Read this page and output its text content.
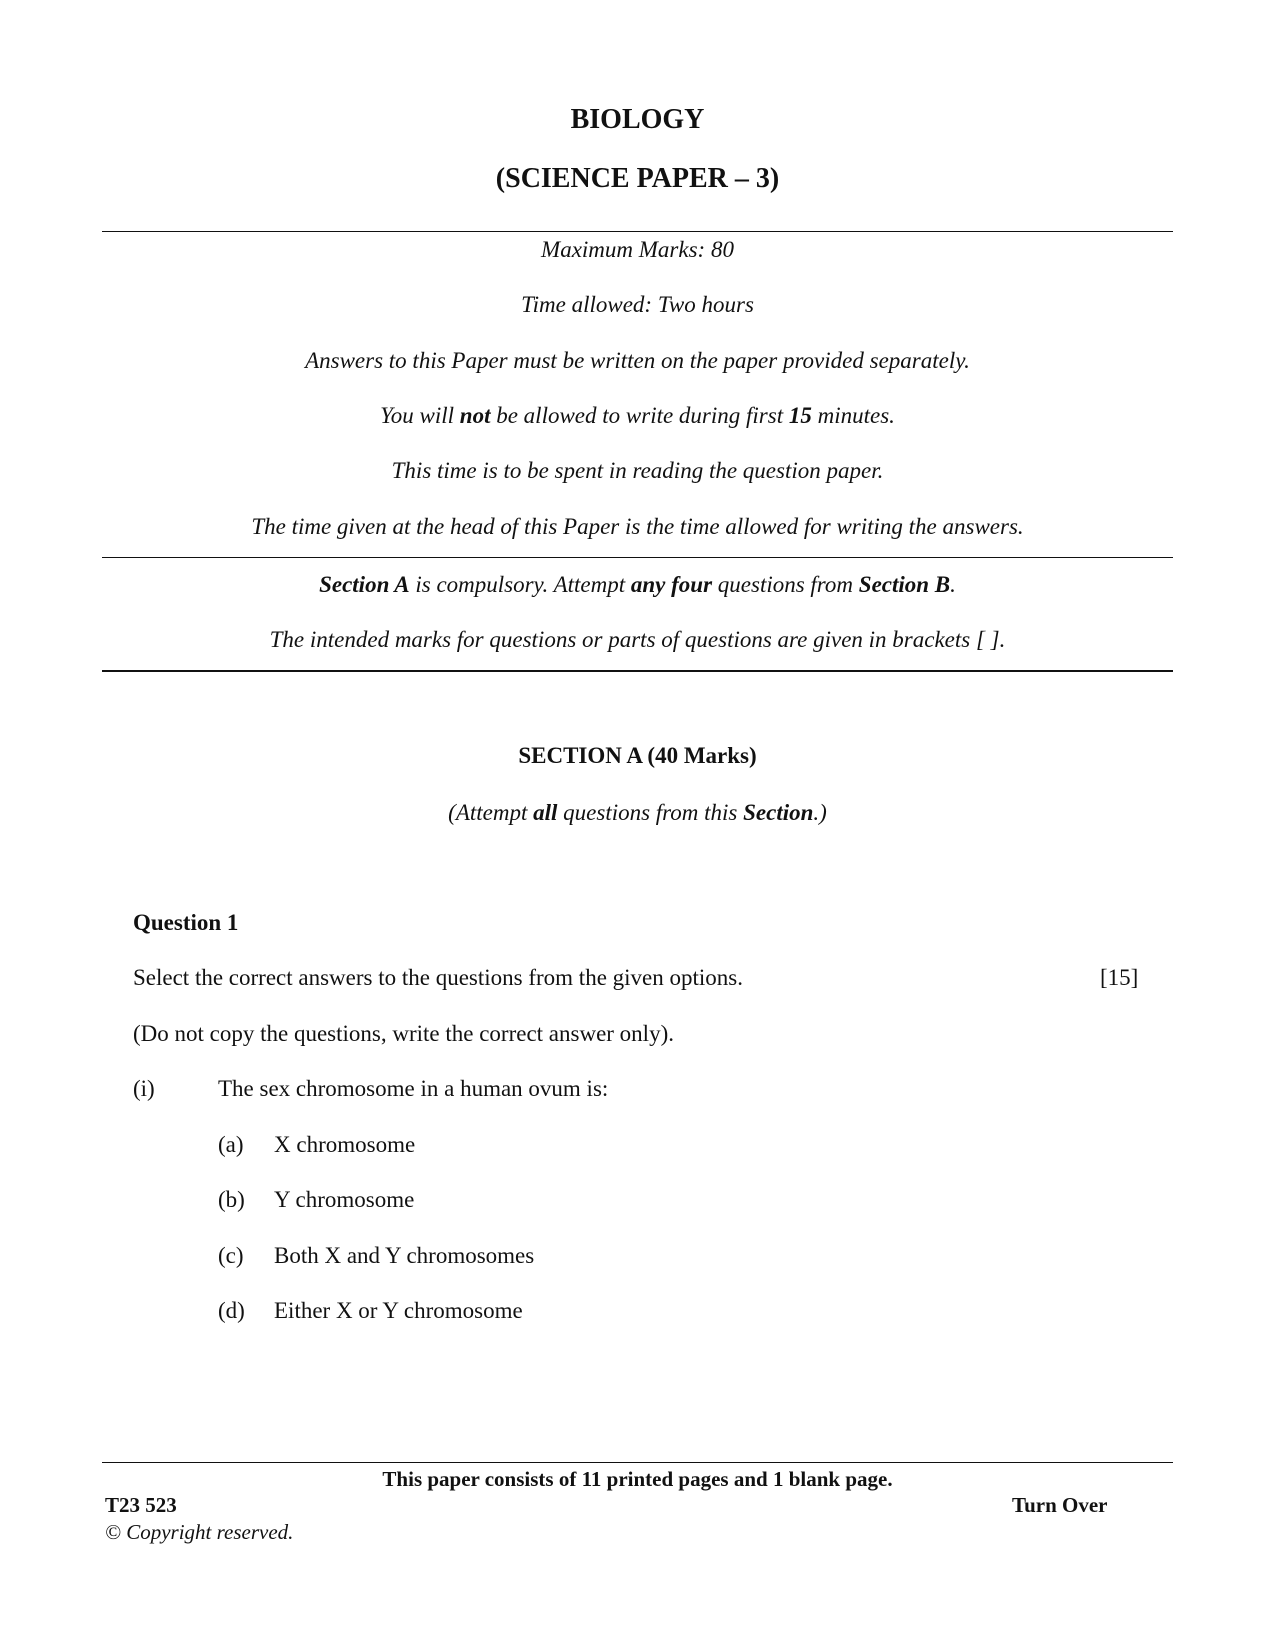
BIOLOGY
(SCIENCE PAPER – 3)
Maximum Marks: 80
Time allowed: Two hours
Answers to this Paper must be written on the paper provided separately.
You will not be allowed to write during first 15 minutes.
This time is to be spent in reading the question paper.
The time given at the head of this Paper is the time allowed for writing the answers.
Section A is compulsory. Attempt any four questions from Section B.
The intended marks for questions or parts of questions are given in brackets [ ].
SECTION A (40 Marks)
(Attempt all questions from this Section.)
Question 1
Select the correct answers to the questions from the given options.	[15]
(Do not copy the questions, write the correct answer only).
(i)	The sex chromosome in a human ovum is:
(a) X chromosome
(b) Y chromosome
(c) Both X and Y chromosomes
(d) Either X or Y chromosome
This paper consists of 11 printed pages and 1 blank page.
T23 523	Turn Over
© Copyright reserved.
